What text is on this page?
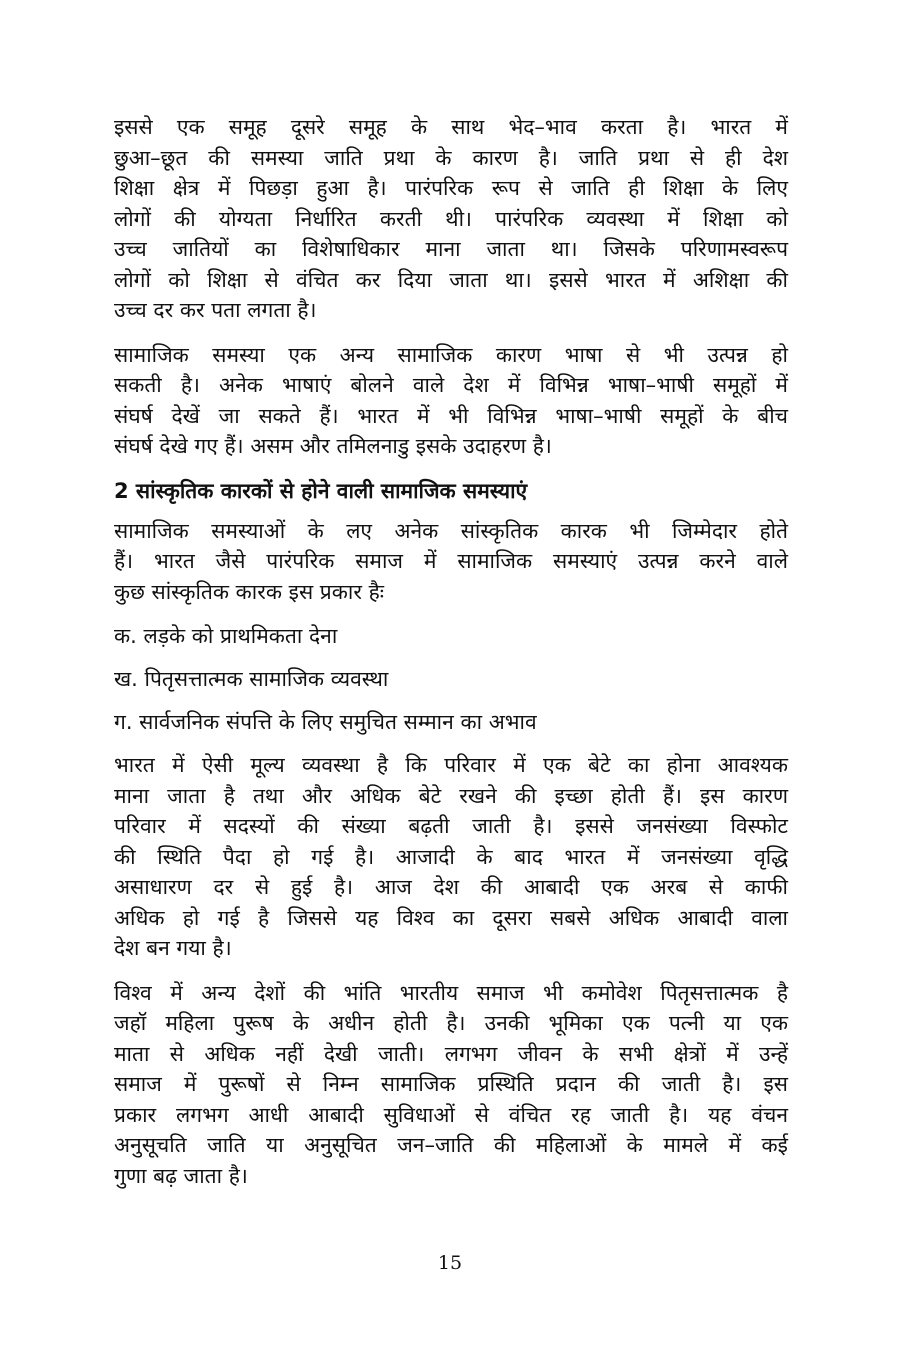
इससे एक समूह दूसरे समूह के साथ भेद–भाव करता है। भारत में
छुआ–छूत की समस्या जाति प्रथा के कारण है। जाति प्रथा से ही देश
शिक्षा क्षेत्र में पिछड़ा हुआ है। पारंपरिक रूप से जाति ही शिक्षा के लिए
लोगों की योग्यता निर्धारित करती थी। पारंपरिक व्यवस्था में शिक्षा को
उच्च जातियों का विशेषाधिकार माना जाता था। जिसके परिणामस्वरूप
लोगों को शिक्षा से वंचित कर दिया जाता था। इससे भारत में अशिक्षा की
उच्च दर कर पता लगता है।
सामाजिक समस्या एक अन्य सामाजिक कारण भाषा से भी उत्पन्न हो
सकती है। अनेक भाषाएं बोलने वाले देश में विभिन्न भाषा–भाषी समूहों में
संघर्ष देखें जा सकते हैं। भारत में भी विभिन्न भाषा–भाषी समूहों के बीच
संघर्ष देखे गए हैं। असम और तमिलनाडु इसके उदाहरण है।
2 सांस्कृतिक कारकों से होने वाली सामाजिक समस्याएं
सामाजिक समस्याओं के लए अनेक सांस्कृतिक कारक भी जिम्मेदार होते
हैं। भारत जैसे पारंपरिक समाज में सामाजिक समस्याएं उत्पन्न करने वाले
कुछ सांस्कृतिक कारक इस प्रकार हैः
क. लड़के को प्राथमिकता देना
ख. पितृसत्तात्मक सामाजिक व्यवस्था
ग. सार्वजनिक संपत्ति के लिए समुचित सम्मान का अभाव
भारत में ऐसी मूल्य व्यवस्था है कि परिवार में एक बेटे का होना आवश्यक
माना जाता है तथा और अधिक बेटे रखने की इच्छा होती हैं। इस कारण
परिवार में सदस्यों की संख्या बढ़ती जाती है। इससे जनसंख्या विस्फोट
की स्थिति पैदा हो गई है। आजादी के बाद भारत में जनसंख्या वृद्धि
असाधारण दर से हुई है। आज देश की आबादी एक अरब से काफी
अधिक हो गई है जिससे यह विश्व का दूसरा सबसे अधिक आबादी वाला
देश बन गया है।
विश्व में अन्य देशों की भांति भारतीय समाज भी कमोवेश पितृसत्तात्मक है
जहॉ महिला पुरूष के अधीन होती है। उनकी भूमिका एक पत्नी या एक
माता से अधिक नहीं देखी जाती। लगभग जीवन के सभी क्षेत्रों में उन्हें
समाज में पुरूषों से निम्न सामाजिक प्रस्थिति प्रदान की जाती है। इस
प्रकार लगभग आधी आबादी सुविधाओं से वंचित रह जाती है। यह वंचन
अनुसूचति जाति या अनुसूचित जन–जाति की महिलाओं के मामले में कई
गुणा बढ़ जाता है।
15
